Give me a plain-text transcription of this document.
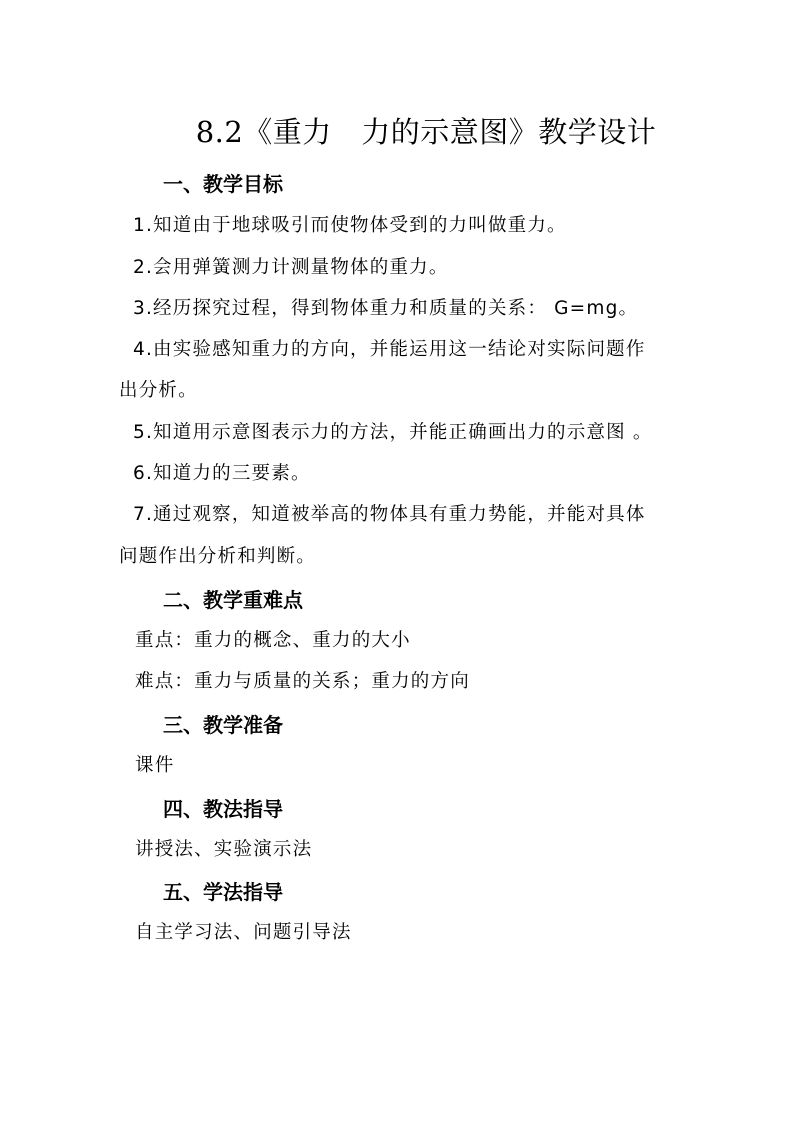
8.2《重力　力的示意图》教学设计
一、教学目标
1.知道由于地球吸引而使物体受到的力叫做重力。
2.会用弹簧测力计测量物体的重力。
3.经历探究过程，得到物体重力和质量的关系： G=mg。
4.由实验感知重力的方向，并能运用这一结论对实际问题作
出分析。
5.知道用示意图表示力的方法，并能正确画出力的示意图 。
6.知道力的三要素。
7.通过观察，知道被举高的物体具有重力势能，并能对具体
问题作出分析和判断。
二、教学重难点
重点：重力的概念、重力的大小
难点：重力与质量的关系；重力的方向
三、教学准备
课件
四、教法指导
讲授法、实验演示法
五、学法指导
自主学习法、问题引导法
